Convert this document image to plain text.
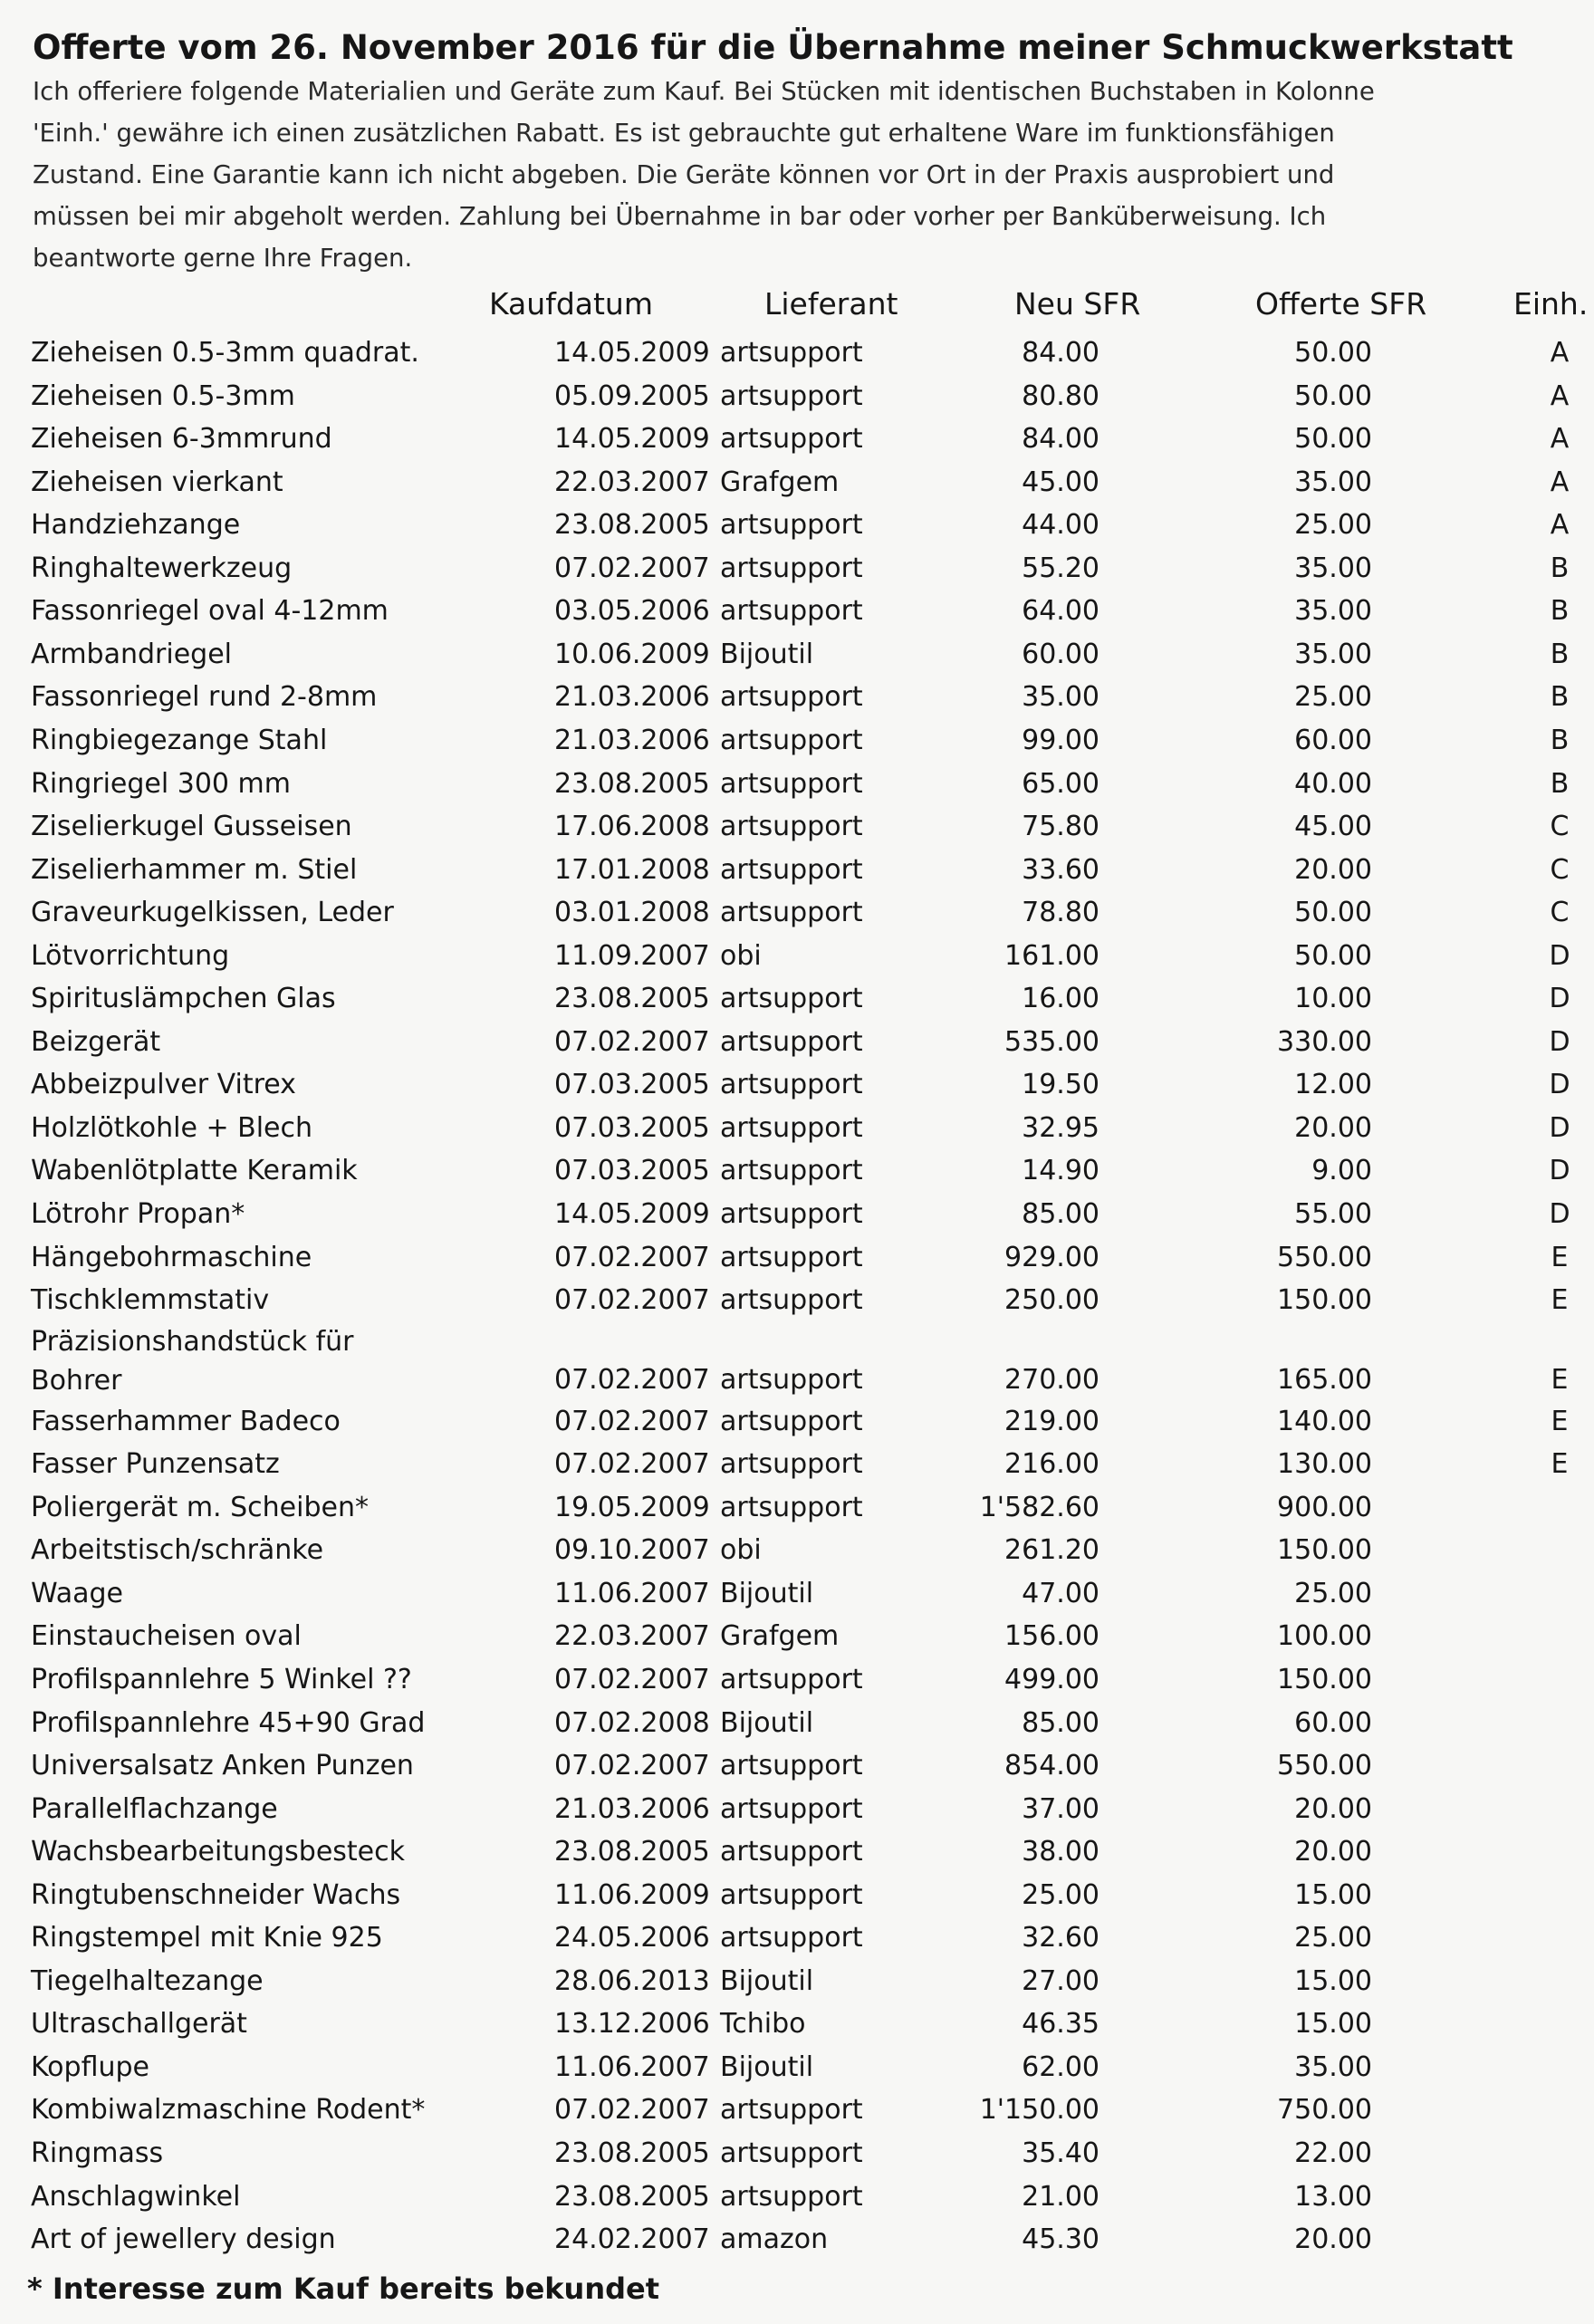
Offerte vom 26. November 2016 für die Übernahme meiner Schmuckwerkstatt
Ich offeriere folgende Materialien und Geräte zum Kauf. Bei Stücken mit identischen Buchstaben in Kolonne
'Einh.' gewähre ich einen zusätzlichen Rabatt. Es ist gebrauchte gut erhaltene Ware im funktionsfähigen
Zustand. Eine Garantie kann ich nicht abgeben. Die Geräte können vor Ort in der Praxis ausprobiert und
müssen bei mir abgeholt werden. Zahlung bei Übernahme in bar oder vorher per Banküberweisung. Ich
beantworte gerne Ihre Fragen.
Kaufdatum	Lieferant	Neu SFR	Offerte SFR	Einh.
Zieheisen 0.5-3mm quadrat.	14.05.2009 artsupport	84.00	50.00	A
Zieheisen 0.5-3mm	05.09.2005 artsupport	80.80	50.00	A
Zieheisen 6-3mmrund	14.05.2009 artsupport	84.00	50.00	A
Zieheisen vierkant	22.03.2007 Grafgem	45.00	35.00	A
Handziehzange	23.08.2005 artsupport	44.00	25.00	A
Ringhaltewerkzeug	07.02.2007 artsupport	55.20	35.00	B
Fassonriegel oval 4-12mm	03.05.2006 artsupport	64.00	35.00	B
Armbandriegel	10.06.2009 Bijoutil	60.00	35.00	B
Fassonriegel rund 2-8mm	21.03.2006 artsupport	35.00	25.00	B
Ringbiegezange Stahl	21.03.2006 artsupport	99.00	60.00	B
Ringriegel 300 mm	23.08.2005 artsupport	65.00	40.00	B
Ziselierkugel Gusseisen	17.06.2008 artsupport	75.80	45.00	C
Ziselierhammer m. Stiel	17.01.2008 artsupport	33.60	20.00	C
Graveurkugelkissen, Leder	03.01.2008 artsupport	78.80	50.00	C
Lötvorrichtung	11.09.2007 obi	161.00	50.00	D
Spirituslämpchen Glas	23.08.2005 artsupport	16.00	10.00	D
Beizgerät	07.02.2007 artsupport	535.00	330.00	D
Abbeizpulver Vitrex	07.03.2005 artsupport	19.50	12.00	D
Holzlötkohle + Blech	07.03.2005 artsupport	32.95	20.00	D
Wabenlötplatte Keramik	07.03.2005 artsupport	14.90	9.00	D
Lötrohr Propan*	14.05.2009 artsupport	85.00	55.00	D
Hängebohrmaschine	07.02.2007 artsupport	929.00	550.00	E
Tischklemmstativ	07.02.2007 artsupport	250.00	150.00	E
Präzisionshandstück für
Bohrer	07.02.2007 artsupport	270.00	165.00	E
Fasserhammer Badeco	07.02.2007 artsupport	219.00	140.00	E
Fasser Punzensatz	07.02.2007 artsupport	216.00	130.00	E
Poliergerät m. Scheiben*	19.05.2009 artsupport	1'582.60	900.00
Arbeitstisch/schränke	09.10.2007 obi	261.20	150.00
Waage	11.06.2007 Bijoutil	47.00	25.00
Einstaucheisen oval	22.03.2007 Grafgem	156.00	100.00
Profilspannlehre 5 Winkel ??	07.02.2007 artsupport	499.00	150.00
Profilspannlehre 45+90 Grad	07.02.2008 Bijoutil	85.00	60.00
Universalsatz Anken Punzen	07.02.2007 artsupport	854.00	550.00
Parallelflachzange	21.03.2006 artsupport	37.00	20.00
Wachsbearbeitungsbesteck	23.08.2005 artsupport	38.00	20.00
Ringtubenschneider Wachs	11.06.2009 artsupport	25.00	15.00
Ringstempel mit Knie 925	24.05.2006 artsupport	32.60	25.00
Tiegelhaltezange	28.06.2013 Bijoutil	27.00	15.00
Ultraschallgerät	13.12.2006 Tchibo	46.35	15.00
Kopflupe	11.06.2007 Bijoutil	62.00	35.00
Kombiwalzmaschine Rodent*	07.02.2007 artsupport	1'150.00	750.00
Ringmass	23.08.2005 artsupport	35.40	22.00
Anschlagwinkel	23.08.2005 artsupport	21.00	13.00
Art of jewellery design	24.02.2007 amazon	45.30	20.00
* Interesse zum Kauf bereits bekundet
